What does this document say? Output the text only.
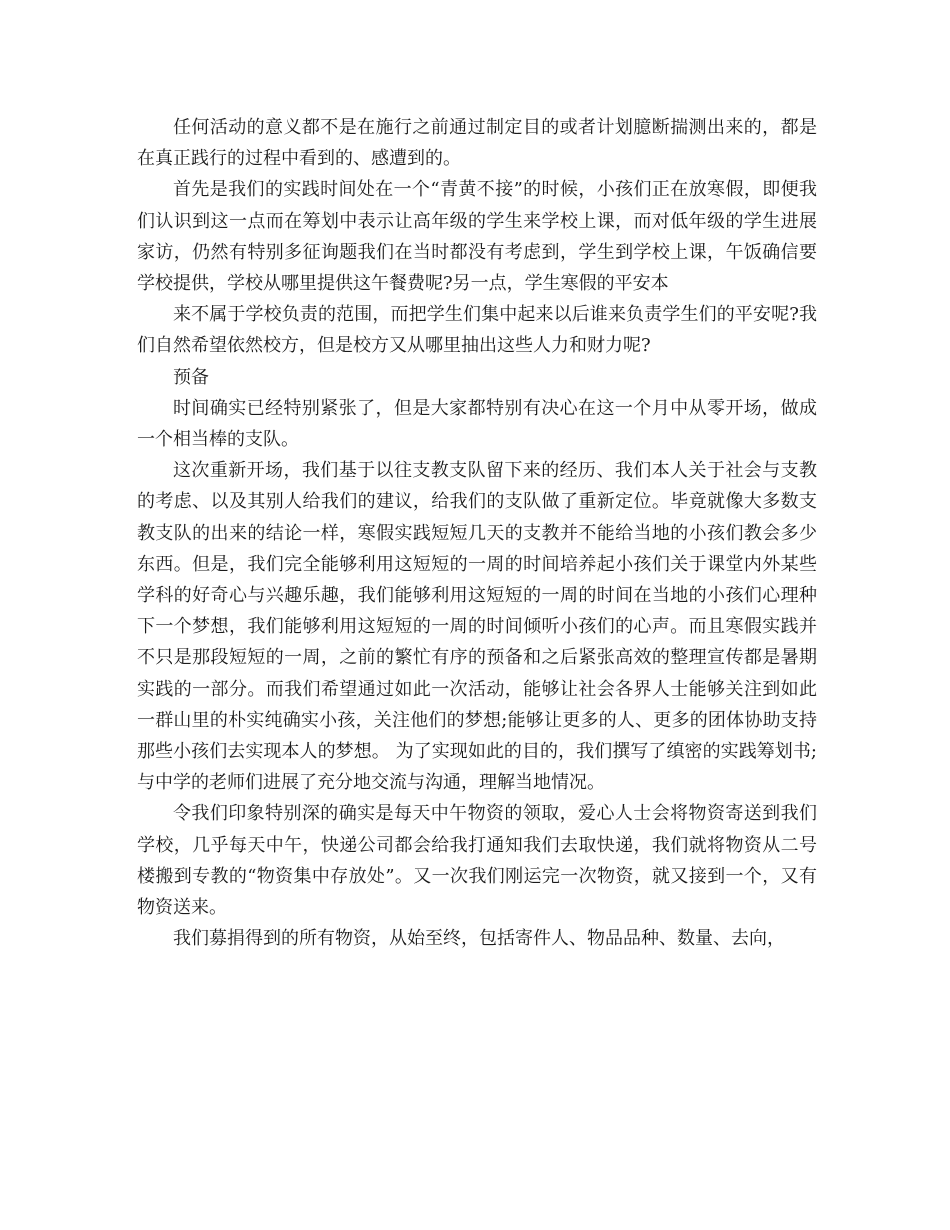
任何活动的意义都不是在施行之前通过制定目的或者计划臆断揣测出来的，都是在真正践行的过程中看到的、感遭到的。

首先是我们的实践时间处在一个“青黄不接”的时候，小孩们正在放寒假，即便我们认识到这一点而在筹划中表示让高年级的学生来学校上课，而对低年级的学生进展家访，仍然有特别多征询题我们在当时都没有考虑到，学生到学校上课，午饭确信要学校提供，学校从哪里提供这午餐费呢?另一点，学生寒假的平安本

来不属于学校负责的范围，而把学生们集中起来以后谁来负责学生们的平安呢?我们自然希望依然校方，但是校方又从哪里抽出这些人力和财力呢?

预备

时间确实已经特别紧张了，但是大家都特别有决心在这一个月中从零开场，做成一个相当棒的支队。

这次重新开场，我们基于以往支教支队留下来的经历、我们本人关于社会与支教的考虑、以及其别人给我们的建议，给我们的支队做了重新定位。毕竟就像大多数支教支队的出来的结论一样，寒假实践短短几天的支教并不能给当地的小孩们教会多少东西。但是，我们完全能够利用这短短的一周的时间培养起小孩们关于课堂内外某些学科的好奇心与兴趣乐趣，我们能够利用这短短的一周的时间在当地的小孩们心理种下一个梦想，我们能够利用这短短的一周的时间倾听小孩们的心声。而且寒假实践并不只是那段短短的一周，之前的繁忙有序的预备和之后紧张高效的整理宣传都是暑期实践的一部分。而我们希望通过如此一次活动，能够让社会各界人士能够关注到如此一群山里的朴实纯确实小孩，关注他们的梦想;能够让更多的人、更多的团体协助支持那些小孩们去实现本人的梦想。 为了实现如此的目的，我们撰写了缜密的实践筹划书;与中学的老师们进展了充分地交流与沟通，理解当地情况。

令我们印象特别深的确实是每天中午物资的领取，爱心人士会将物资寄送到我们学校，几乎每天中午，快递公司都会给我打通知我们去取快递，我们就将物资从二号楼搬到专教的“物资集中存放处”。又一次我们刚运完一次物资，就又接到一个，又有物资送来。

我们募捐得到的所有物资，从始至终，包括寄件人、物品品种、数量、去向，
